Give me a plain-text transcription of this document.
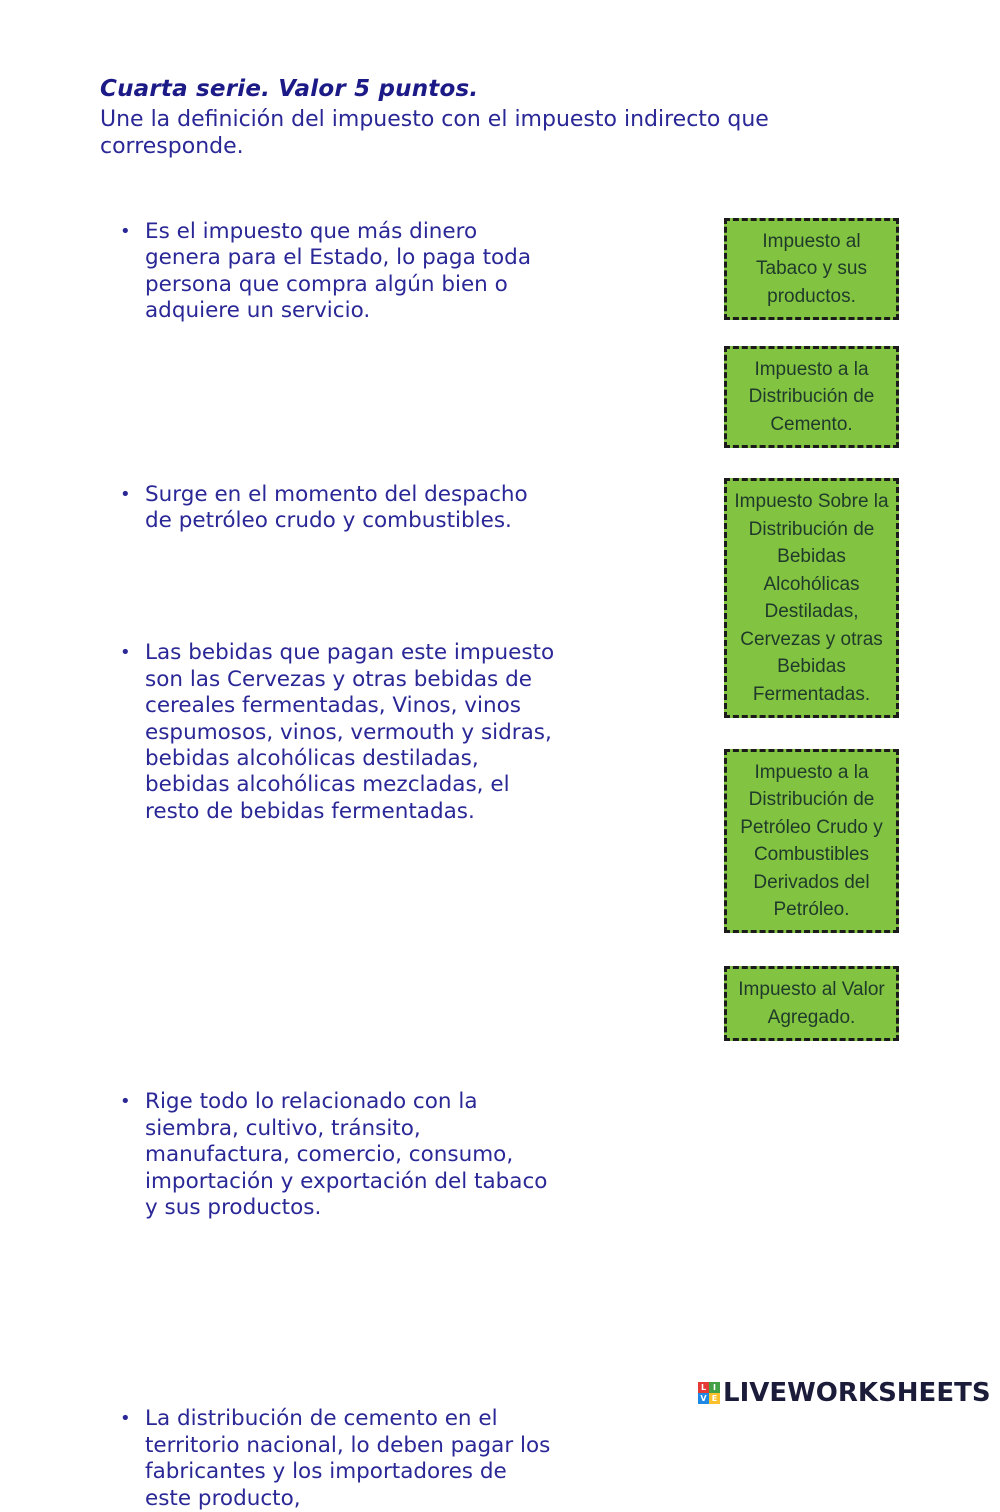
Cuarta serie. Valor 5 puntos.
Une la definición del impuesto con el impuesto indirecto que corresponde.
• Es el impuesto que más dinero genera para el Estado, lo paga toda persona que compra algún bien o adquiere un servicio.
• Surge en el momento del despacho de petróleo crudo y combustibles.
• Las bebidas que pagan este impuesto son las Cervezas y otras bebidas de cereales fermentadas, Vinos, vinos espumosos, vinos, vermouth y sidras, bebidas alcohólicas destiladas, bebidas alcohólicas mezcladas, el resto de bebidas fermentadas.
• Rige todo lo relacionado con la siembra, cultivo, tránsito, manufactura, comercio, consumo, importación y exportación del tabaco y sus productos.
• La distribución de cemento en el territorio nacional, lo deben pagar los fabricantes y los importadores de este producto,
Impuesto al Tabaco y sus productos.
Impuesto a la Distribución de Cemento.
Impuesto Sobre la Distribución de Bebidas Alcohólicas Destiladas, Cervezas y otras Bebidas Fermentadas.
Impuesto a la Distribución de Petróleo Crudo y Combustibles Derivados del Petróleo.
Impuesto al Valor Agregado.
L I
V E LIVEWORKSHEETS
